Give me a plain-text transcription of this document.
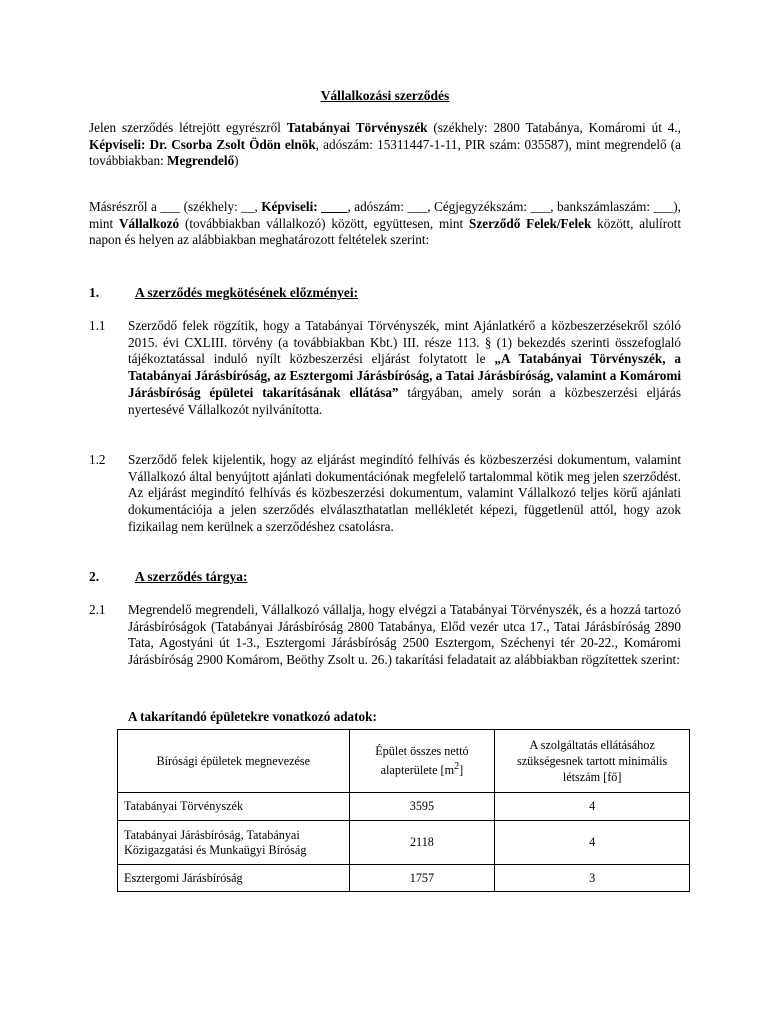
Vállalkozási szerződés
Jelen szerződés létrejött egyrészről Tatabányai Törvényszék (székhely: 2800 Tatabánya, Komáromi út 4., Képviseli: Dr. Csorba Zsolt Ödön elnök, adószám: 15311447-1-11, PIR szám: 035587), mint megrendelő (a továbbiakban: Megrendelő)
Másrészről a ___ (székhely: __, Képviseli: ____, adószám: ___, Cégjegyzékszám: ___, bankszámlaszám: ___), mint Vállalkozó (továbbiakban vállalkozó) között, együttesen, mint Szerződő Felek/Felek között, alulírott napon és helyen az alábbiakban meghatározott feltételek szerint:
1.	A szerződés megkötésének előzményei:
1.1 Szerződő felek rögzítik, hogy a Tatabányai Törvényszék, mint Ajánlatkérő a közbeszerzésekről szóló 2015. évi CXLIII. törvény (a továbbiakban Kbt.) III. része 113. § (1) bekezdés szerinti összefoglaló tájékoztatással induló nyílt közbeszerzési eljárást folytatott le „A Tatabányai Törvényszék, a Tatabányai Járásbíróság, az Esztergomi Járásbíróság, a Tatai Járásbíróság, valamint a Komáromi Járásbíróság épületei takarításának ellátása” tárgyában, amely során a közbeszerzési eljárás nyertesévé Vállalkozót nyilvánította.
1.2 Szerződő felek kijelentik, hogy az eljárást megindító felhívás és közbeszerzési dokumentum, valamint Vállalkozó által benyújtott ajánlati dokumentációnak megfelelő tartalommal kötik meg jelen szerződést. Az eljárást megindító felhívás és közbeszerzési dokumentum, valamint Vállalkozó teljes körű ajánlati dokumentációja a jelen szerződés elválaszthatatlan mellékletét képezi, függetlenül attól, hogy azok fizikailag nem kerülnek a szerződéshez csatolásra.
2.	A szerződés tárgya:
2.1 Megrendelő megrendeli, Vállalkozó vállalja, hogy elvégzi a Tatabányai Törvényszék, és a hozzá tartozó Járásbíróságok (Tatabányai Járásbíróság 2800 Tatabánya, Előd vezér utca 17., Tatai Járásbíróság 2890 Tata, Agostyáni út 1-3., Esztergomi Járásbíróság 2500 Esztergom, Széchenyi tér 20-22., Komáromi Járásbíróság 2900 Komárom, Beöthy Zsolt u. 26.) takarítási feladatait az alábbiakban rögzítettek szerint:
A takarítandó épületekre vonatkozó adatok:
Bírósági épületek megnevezése	Épület összes nettó alapterülete $[m^2]$	A szolgáltatás ellátásához szükségesnek tartott minimális létszám [fő]
Tatabányai Törvényszék	3595	4
Tatabányai Járásbíróság, Tatabányai Közigazgatási és Munkaügyi Bíróság	2118	4
Esztergomi Járásbíróság	1757	3
